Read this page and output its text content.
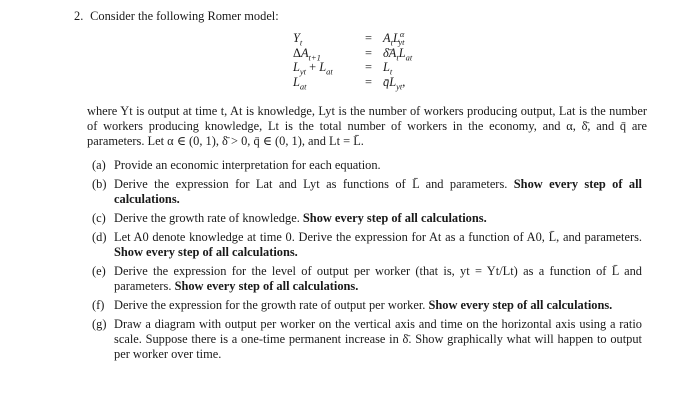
2. Consider the following Romer model:
$Y_t$	= $A_tL^\alpha_{yt}$
$\Delta A_{t+1}$	= $\deltāA_tL_{at}$
$L_{yt} + L_{at}$	= $L_t$
$L_{at}$	= $q̄L_{yt}$,

where Yt is output at time t, At is knowledge, Lyt is the number of workers producing output, Lat is the number of workers producing knowledge, Lt is the total number of workers in the economy, and α, δ̄, and q̄ are parameters. Let α ∈ (0, 1), δ̄ > 0, q̄ ∈ (0, 1), and Lt = L̄.

(a) Provide an economic interpretation for each equation.
(b) Derive the expression for Lat and Lyt as functions of L̄ and parameters. Show every step of all calculations.
(c) Derive the growth rate of knowledge. Show every step of all calculations.
(d) Let A0 denote knowledge at time 0. Derive the expression for At as a function of A0, L̄, and parameters. Show every step of all calculations.
(e) Derive the expression for the level of output per worker (that is, yt = Yt/Lt) as a function of L̄ and parameters. Show every step of all calculations.
(f) Derive the expression for the growth rate of output per worker. Show every step of all calculations.
(g) Draw a diagram with output per worker on the vertical axis and time on the horizontal axis using a ratio scale. Suppose there is a one-time permanent increase in δ̄. Show graphically what will happen to output per worker over time.
